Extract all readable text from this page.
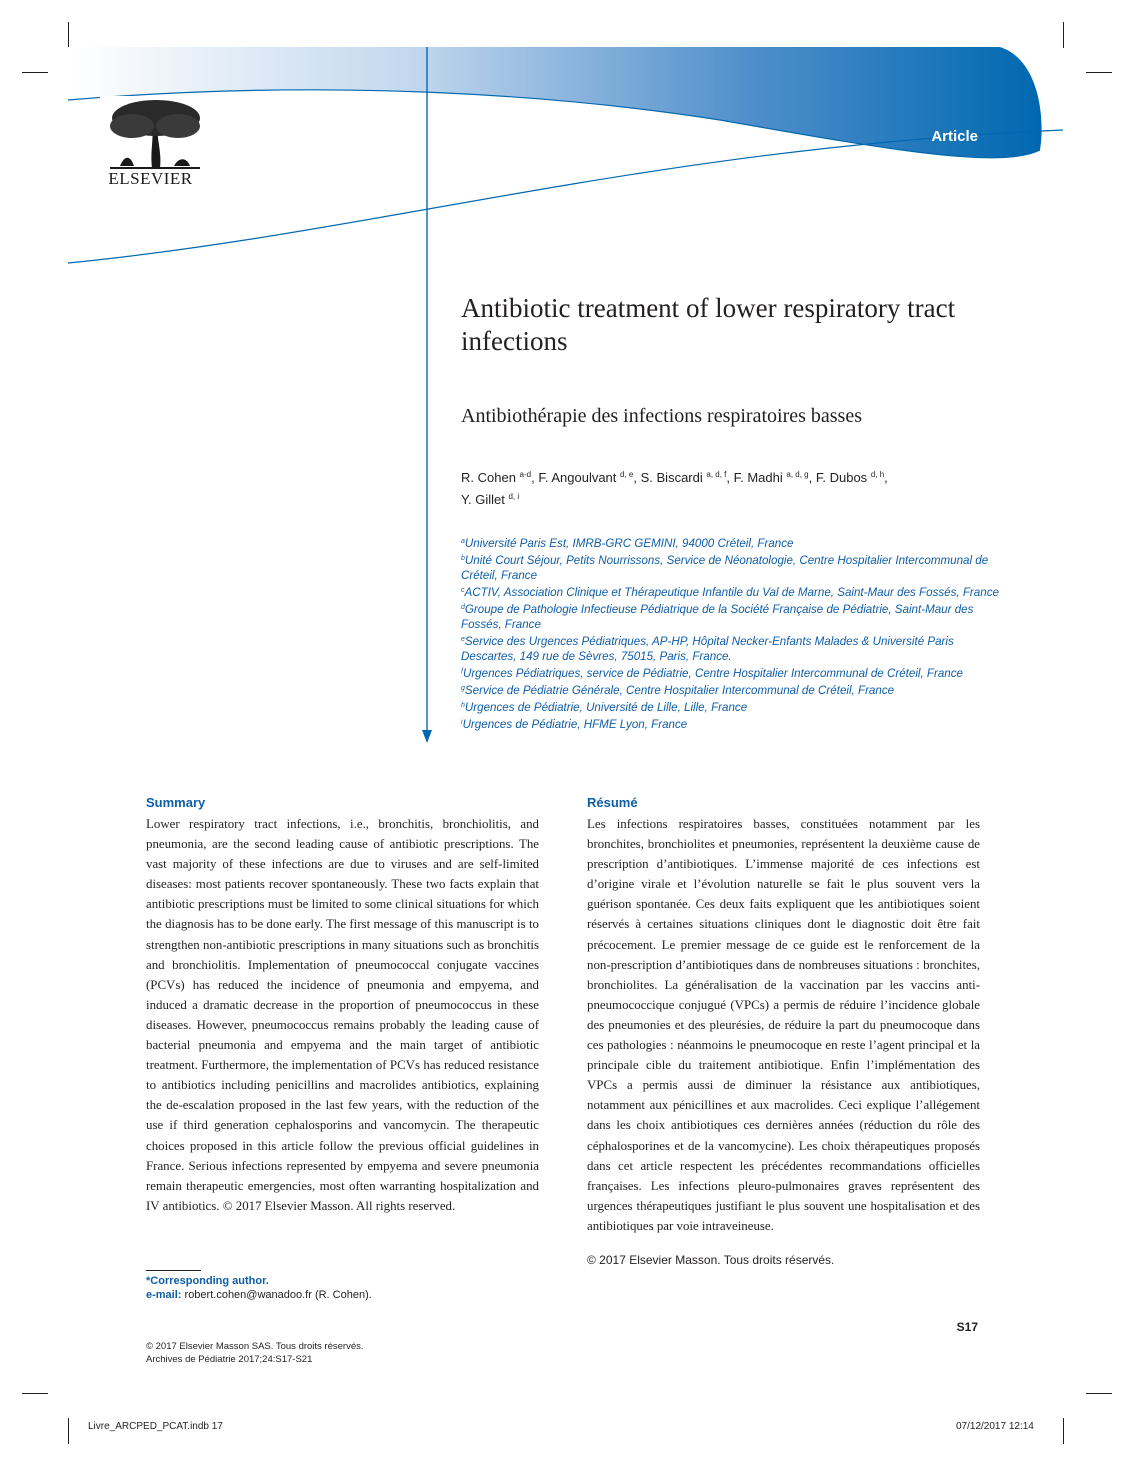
Article
ELSEVIER
Antibiotic treatment of lower respiratory tract infections
Antibiothérapie des infections respiratoires basses
R. Cohen $^{a-d}$, F. Angoulvant $^{d, e}$, S. Biscardi $^{a, d, f}$, F. Madhi $^{a, d, g}$, F. Dubos $^{d, h}$,
Y. Gillet $^{d, i}$

$^a$Université Paris Est, IMRB-GRC GEMINI, 94000 Créteil, France

$^b$Unité Court Séjour, Petits Nourrissons, Service de Néonatologie, Centre Hospitalier Intercommunal de Créteil, France

$^c$ACTIV, Association Clinique et Thérapeutique Infantile du Val de Marne, Saint-Maur des Fossés, France

$^d$Groupe de Pathologie Infectieuse Pédiatrique de la Société Française de Pédiatrie, Saint-Maur des Fossés, France

$^e$Service des Urgences Pédiatriques, AP-HP, Hôpital Necker-Enfants Malades & Université Paris Descartes, 149 rue de Sèvres, 75015, Paris, France.

$^f$Urgences Pédiatriques, service de Pédiatrie, Centre Hospitalier Intercommunal de Créteil, France

$^g$Service de Pédiatrie Générale, Centre Hospitalier Intercommunal de Créteil, France

$^h$Urgences de Pédiatrie, Université de Lille, Lille, France

$^i$Urgences de Pédiatrie, HFME Lyon, France

Summary

Lower respiratory tract infections, i.e., bronchitis, bronchiolitis, and pneumonia, are the second leading cause of antibiotic prescriptions. The vast majority of these infections are due to viruses and are self-limited diseases: most patients recover spontaneously. These two facts explain that antibiotic prescriptions must be limited to some clinical situations for which the diagnosis has to be done early. The first message of this manuscript is to strengthen non-antibiotic prescriptions in many situations such as bronchitis and bronchiolitis. Implementation of pneumococcal conjugate vaccines (PCVs) has reduced the incidence of pneumonia and empyema, and induced a dramatic decrease in the proportion of pneumococcus in these diseases. However, pneumococcus remains probably the leading cause of bacterial pneumonia and empyema and the main target of antibiotic treatment. Furthermore, the implementation of PCVs has reduced resistance to antibiotics including penicillins and macrolides antibiotics, explaining the de-escalation proposed in the last few years, with the reduction of the use if third generation cephalosporins and vancomycin. The therapeutic choices proposed in this article follow the previous official guidelines in France. Serious infections represented by empyema and severe pneumonia remain therapeutic emergencies, most often warranting hospitalization and IV antibiotics. © 2017 Elsevier Masson. All rights reserved.

Résumé

Les infections respiratoires basses, constituées notamment par les bronchites, bronchiolites et pneumonies, représentent la deuxième cause de prescription d’antibiotiques. L’immense majorité de ces infections est d’origine virale et l’évolution naturelle se fait le plus souvent vers la guérison spontanée. Ces deux faits expliquent que les antibiotiques soient réservés à certaines situations cliniques dont le diagnostic doit être fait précocement. Le premier message de ce guide est le renforcement de la non-prescription d’antibiotiques dans de nombreuses situations : bronchites, bronchiolites. La généralisation de la vaccination par les vaccins anti-pneumococcique conjugué (VPCs) a permis de réduire l’incidence globale des pneumonies et des pleurésies, de réduire la part du pneumocoque dans ces pathologies : néanmoins le pneumocoque en reste l’agent principal et la principale cible du traitement antibiotique. Enfin l’implémentation des VPCs a permis aussi de diminuer la résistance aux antibiotiques, notamment aux pénicillines et aux macrolides. Ceci explique l’allégement dans les choix antibiotiques ces dernières années (réduction du rôle des céphalosporines et de la vancomycine). Les choix thérapeutiques proposés dans cet article respectent les précédentes recommandations officielles françaises. Les infections pleuro-pulmonaires graves représentent des urgences thérapeutiques justifiant le plus souvent une hospitalisation et des antibiotiques par voie intraveineuse.

© 2017 Elsevier Masson. Tous droits réservés.
*Corresponding author.
e-mail: robert.cohen@wanadoo.fr (R. Cohen).
S17
© 2017 Elsevier Masson SAS. Tous droits réservés.
Archives de Pédiatrie 2017;24:S17-S21
Livre_ARCPED_PCAT.indb 17	07/12/2017 12:14
